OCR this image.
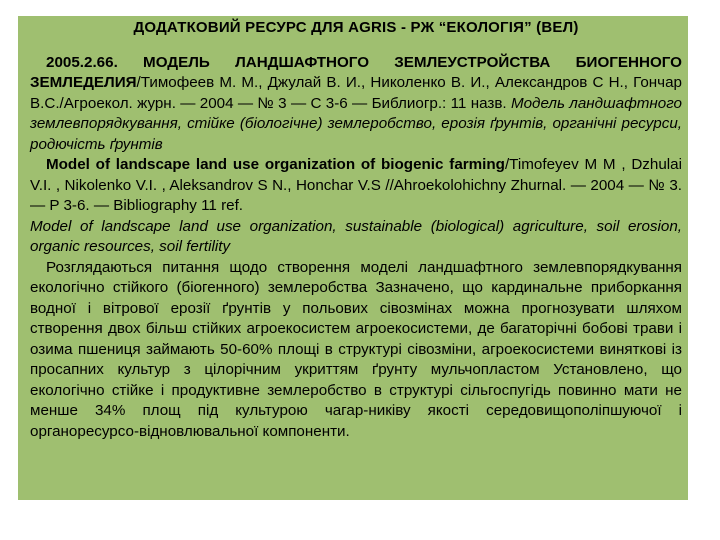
ДОДАТКОВИЙ РЕСУРС ДЛЯ AGRIS - РЖ “ЕКОЛОГІЯ” (ВЕЛ)

2005.2.66. МОДЕЛЬ ЛАНДШАФТНОГО ЗЕМЛЕУСТРОЙСТВА БИОГЕННОГО ЗЕМЛЕДЕЛИЯ/Тимофеев М. М., Джулай В. И., Николенко В. И., Александров С Н., Гончар В.С./Агроекол. журн. — 2004 — № 3 — С 3-6 — Библиогр.: 11 назв. Модель ландшафтного землевпорядкування, стійке (біологічне) землеробство, ерозія ґрунтів, органічні ресурси, родючість ґрунтів

Model of landscape land use organization of biogenic farming/Timofeyev M M , Dzhulai V.I. , Nikolenko V.I. , Aleksandrov S N., Honchar V.S //Ahroekolohichny Zhurnal. — 2004 — № 3. — P 3-6. — Bibliography 11 ref.

Model of landscape land use organization, sustainable (biological) agriculture, soil erosion, organic resources, soil fertility

Розглядаються питання щодо створення моделі ландшафтного землевпорядкування екологічно стійкого (біогенного) землеробства Зазначено, що кардинальне приборкання водної і вітрової ерозії ґрунтів у польових сівозмінах можна прогнозувати шляхом створення двох більш стійких агроекосистем агроекосистеми, де багаторічні бобові трави і озима пшениця займають 50-60% площі в структурі сівозміни, агроекосистеми виняткові із просапних культур з цілорічним укриттям ґрунту мульчопластом Установлено, що екологічно стійке і продуктивне землеробство в структурі сільгоспугідь повинно мати не менше 34% площ під культурою чагар-никіву якості середовищополіпшуючої і органоресурсо-відновлювальної компоненти.
